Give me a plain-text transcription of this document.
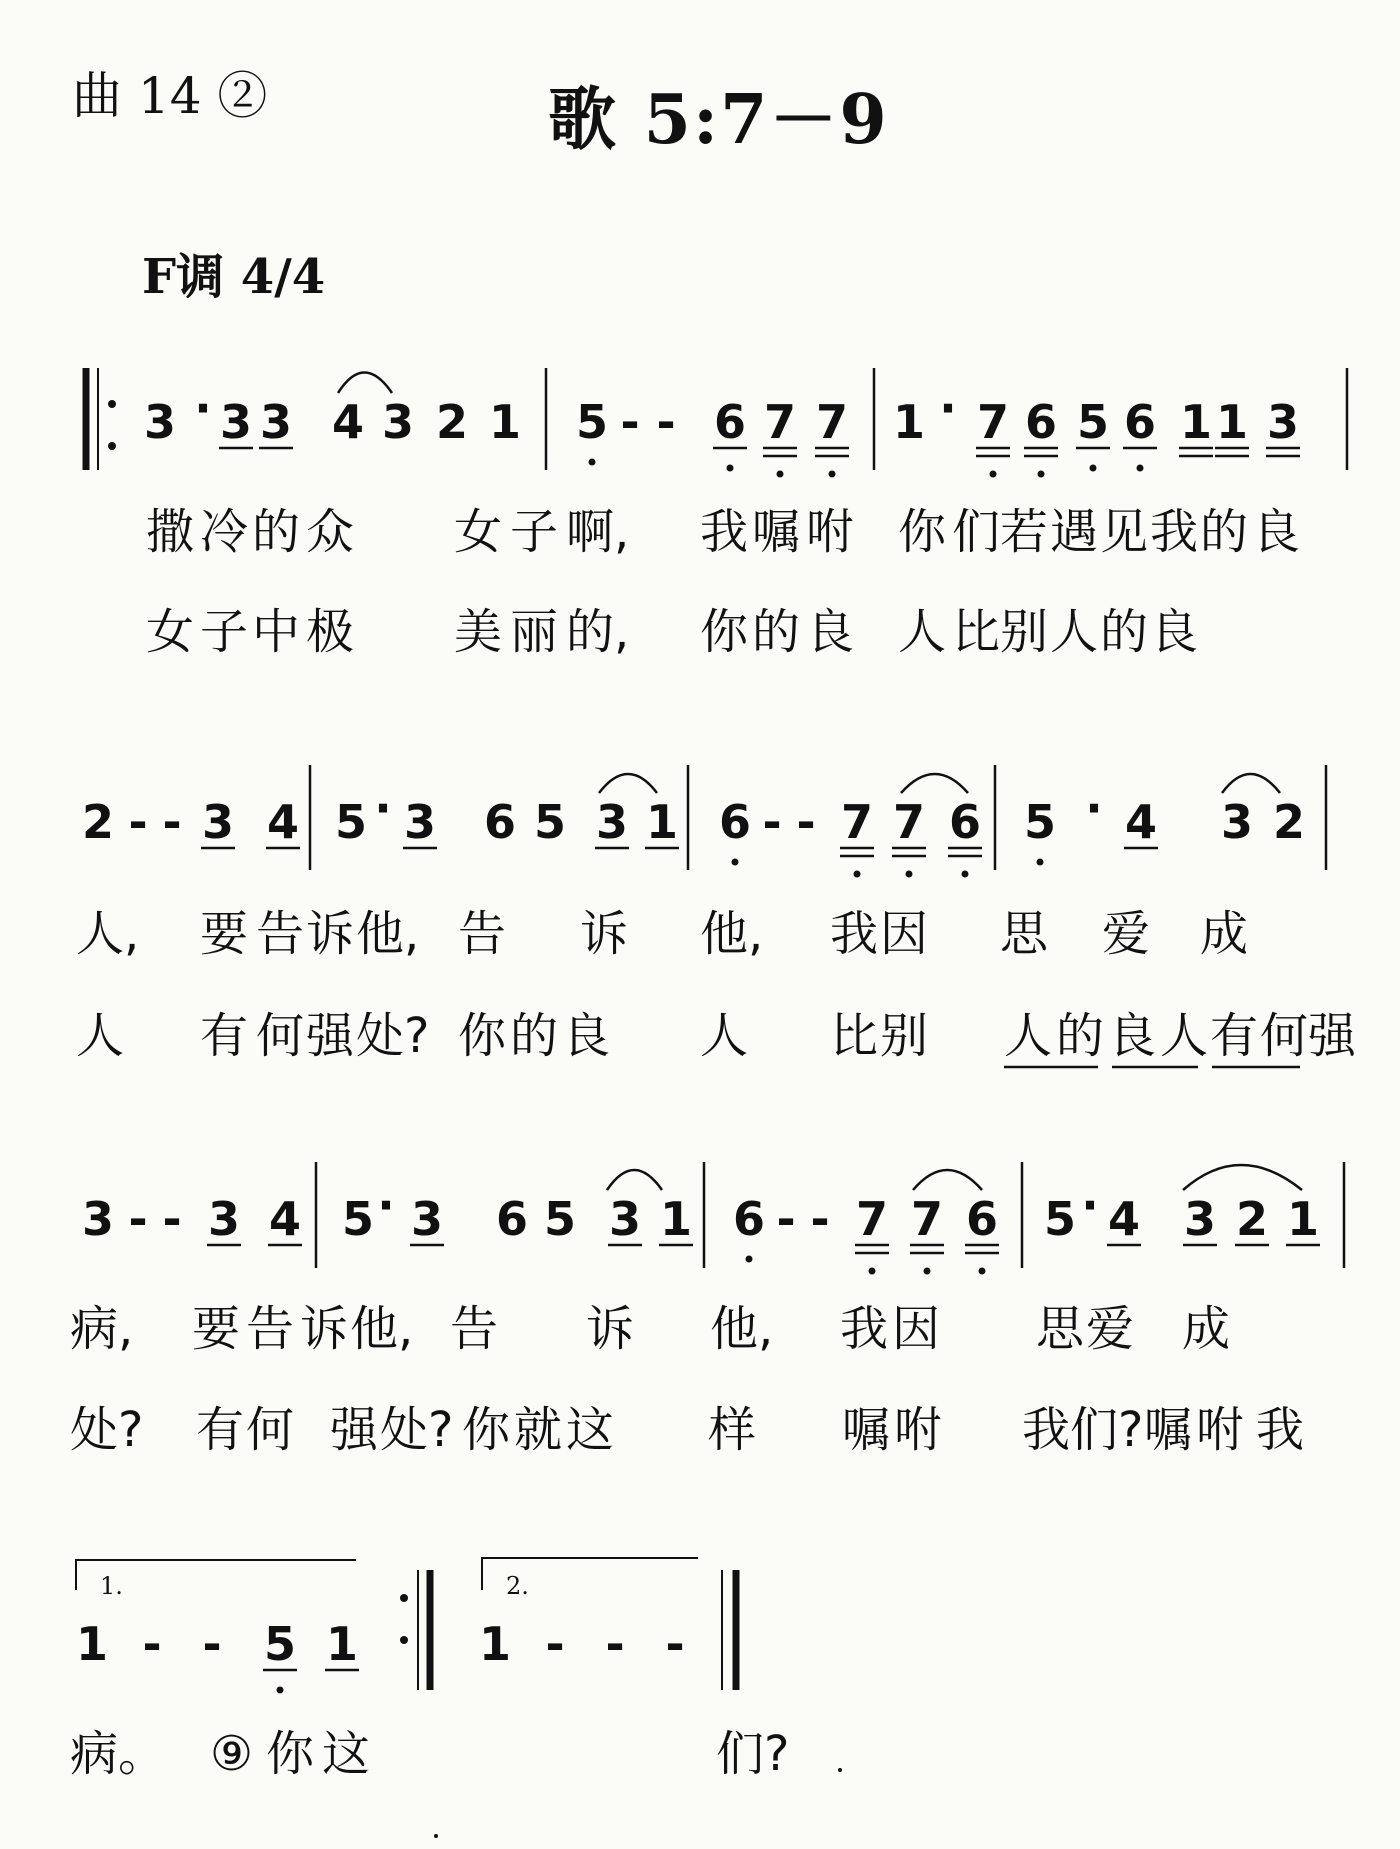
曲 14 ②	歌 5:7－9
F调 4/4
3 · 3 3 4 3 2 1 5 - - 6 7 7 1 · 7 6 5 6 1 1 3
2 - - 3 4 5 · 3 6 5 3 1 6 - - 7 7 6 5 · 4 3 2
3 - - 3 4 5 · 3 6 5 3 1 6 - - 7 7 6 5 · 4 3 2 1
1 - - 5 1	1 - - -
撒 冷 的 众 女 子 啊, 我 嘱 咐 你 们 若 遇 见 我 的 良
女 子 中 极 美 丽 的, 你 的 良 人 比 别 人 的 良
人, 要 告 诉 他, 告 诉 他, 我 因 思 爱 成
人 有 何 强 处? 你 的 良 人 比 别 人 的 良 人 有 何 强
病, 要 告 诉 他, 告 诉 他, 我 因 思 爱 成
处? 有 何 强 处? 你 就 这 样 嘱 咐 我 们? 嘱 咐 我
病。 ⑨ 你 这	们?
1.	2.
